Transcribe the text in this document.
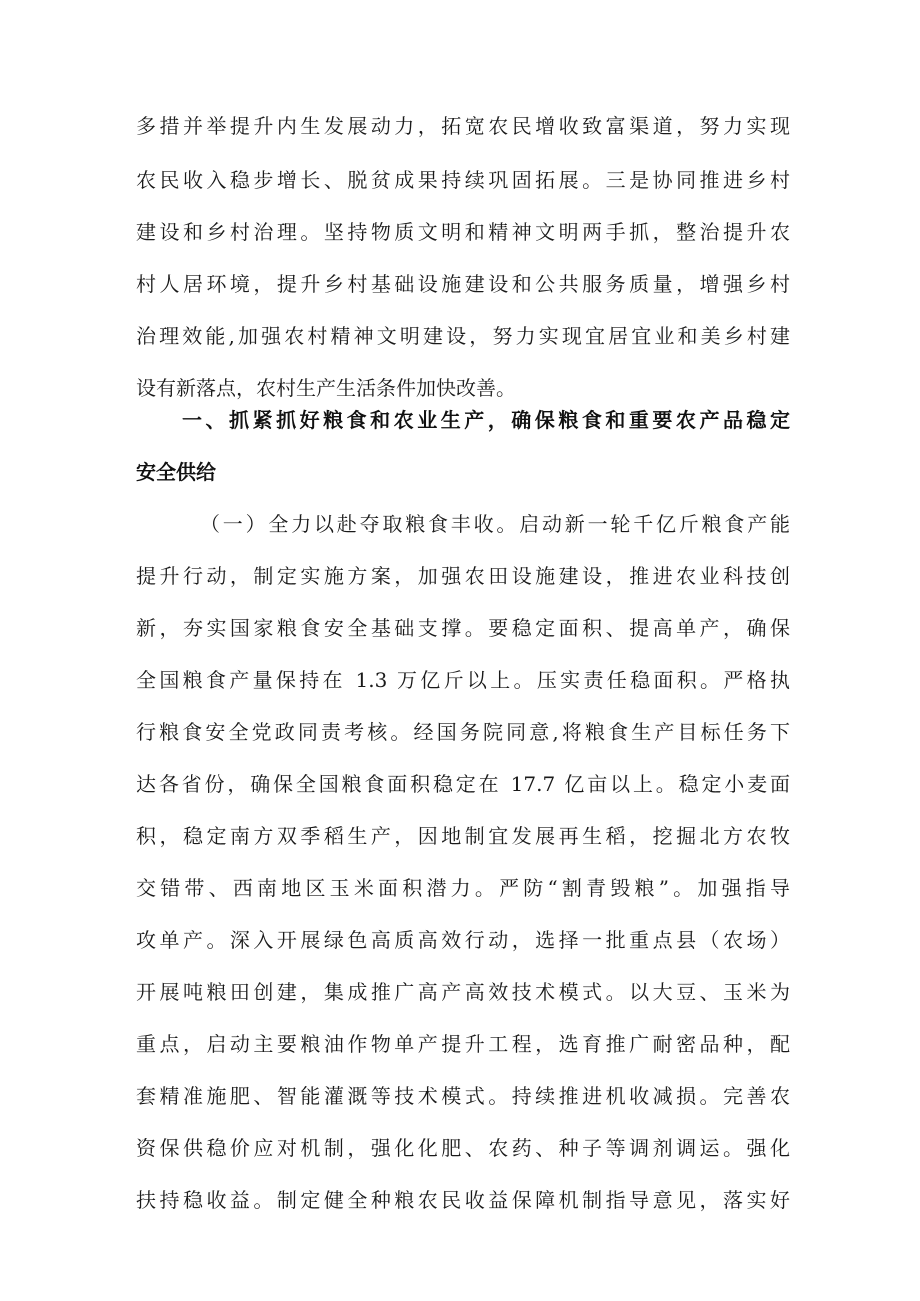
多措并举提升内生发展动力，拓宽农民增收致富渠道，努力实现
农民收入稳步增长、脱贫成果持续巩固拓展。三是协同推进乡村
建设和乡村治理。坚持物质文明和精神文明两手抓，整治提升农
村人居环境，提升乡村基础设施建设和公共服务质量，增强乡村
治理效能,加强农村精神文明建设，努力实现宜居宜业和美乡村建
设有新落点，农村生产生活条件加快改善。
一、抓紧抓好粮食和农业生产，确保粮食和重要农产品稳定
安全供给
（一）全力以赴夺取粮食丰收。启动新一轮千亿斤粮食产能
提升行动，制定实施方案，加强农田设施建设，推进农业科技创
新，夯实国家粮食安全基础支撑。要稳定面积、提高单产，确保
全国粮食产量保持在 1.3 万亿斤以上。压实责任稳面积。严格执
行粮食安全党政同责考核。经国务院同意,将粮食生产目标任务下
达各省份，确保全国粮食面积稳定在 17.7 亿亩以上。稳定小麦面
积，稳定南方双季稻生产，因地制宜发展再生稻，挖掘北方农牧
交错带、西南地区玉米面积潜力。严防“割青毁粮”。加强指导
攻单产。深入开展绿色高质高效行动，选择一批重点县（农场）
开展吨粮田创建，集成推广高产高效技术模式。以大豆、玉米为
重点，启动主要粮油作物单产提升工程，选育推广耐密品种，配
套精准施肥、智能灌溉等技术模式。持续推进机收减损。完善农
资保供稳价应对机制，强化化肥、农药、种子等调剂调运。强化
扶持稳收益。制定健全种粮农民收益保障机制指导意见，落实好
